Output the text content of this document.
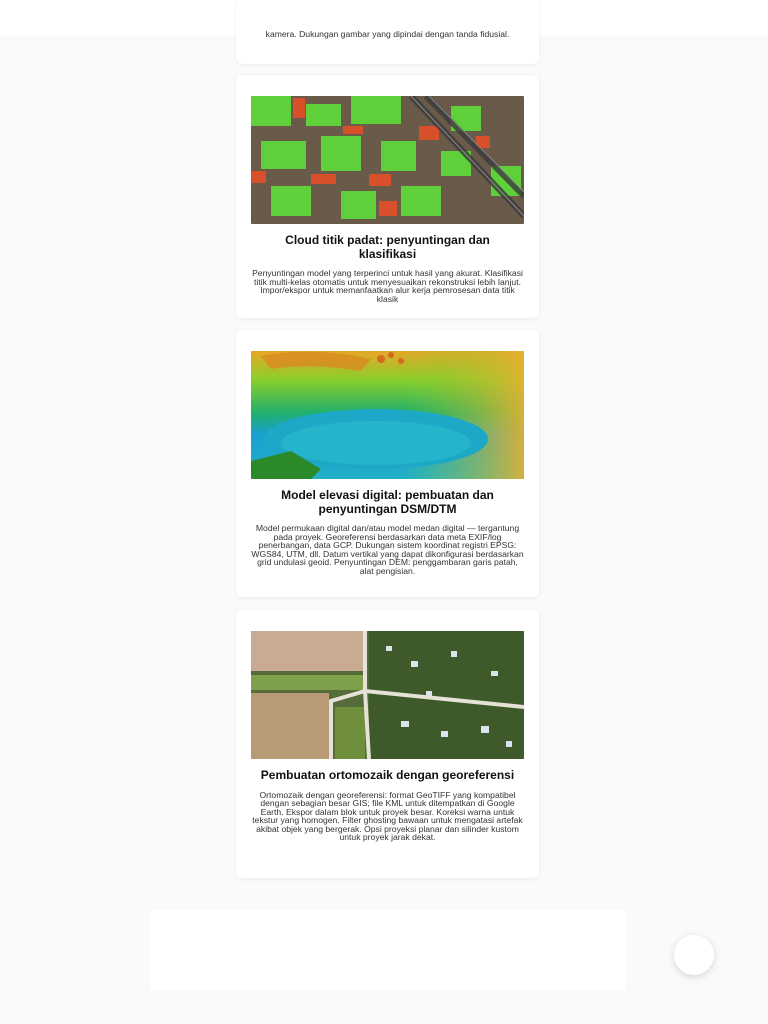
kamera. Dukungan gambar yang dipindai dengan tanda fidusial.

Cloud titik padat: penyuntingan dan klasifikasi

Penyuntingan model yang terperinci untuk hasil yang akurat. Klasifikasi titik multi-kelas otomatis untuk menyesuaikan rekonstruksi lebih lanjut. Impor/ekspor untuk memanfaatkan alur kerja pemrosesan data titik klasik

Model elevasi digital: pembuatan dan penyuntingan DSM/DTM

Model permukaan digital dan/atau model medan digital — tergantung pada proyek. Georeferensi berdasarkan data meta EXIF/log penerbangan, data GCP. Dukungan sistem koordinat registri EPSG: WGS84, UTM, dll. Datum vertikal yang dapat dikonfigurasi berdasarkan grid undulasi geoid. Penyuntingan DEM: penggambaran garis patah, alat pengisian.

Pembuatan ortomozaik dengan georeferensi

Ortomozaik dengan georeferensi: format GeoTIFF yang kompatibel dengan sebagian besar GIS; file KML untuk ditempatkan di Google Earth. Ekspor dalam blok untuk proyek besar. Koreksi warna untuk tekstur yang homogen. Filter ghosting bawaan untuk mengatasi artefak akibat objek yang bergerak. Opsi proyeksi planar dan silinder kustom untuk proyek jarak dekat.
